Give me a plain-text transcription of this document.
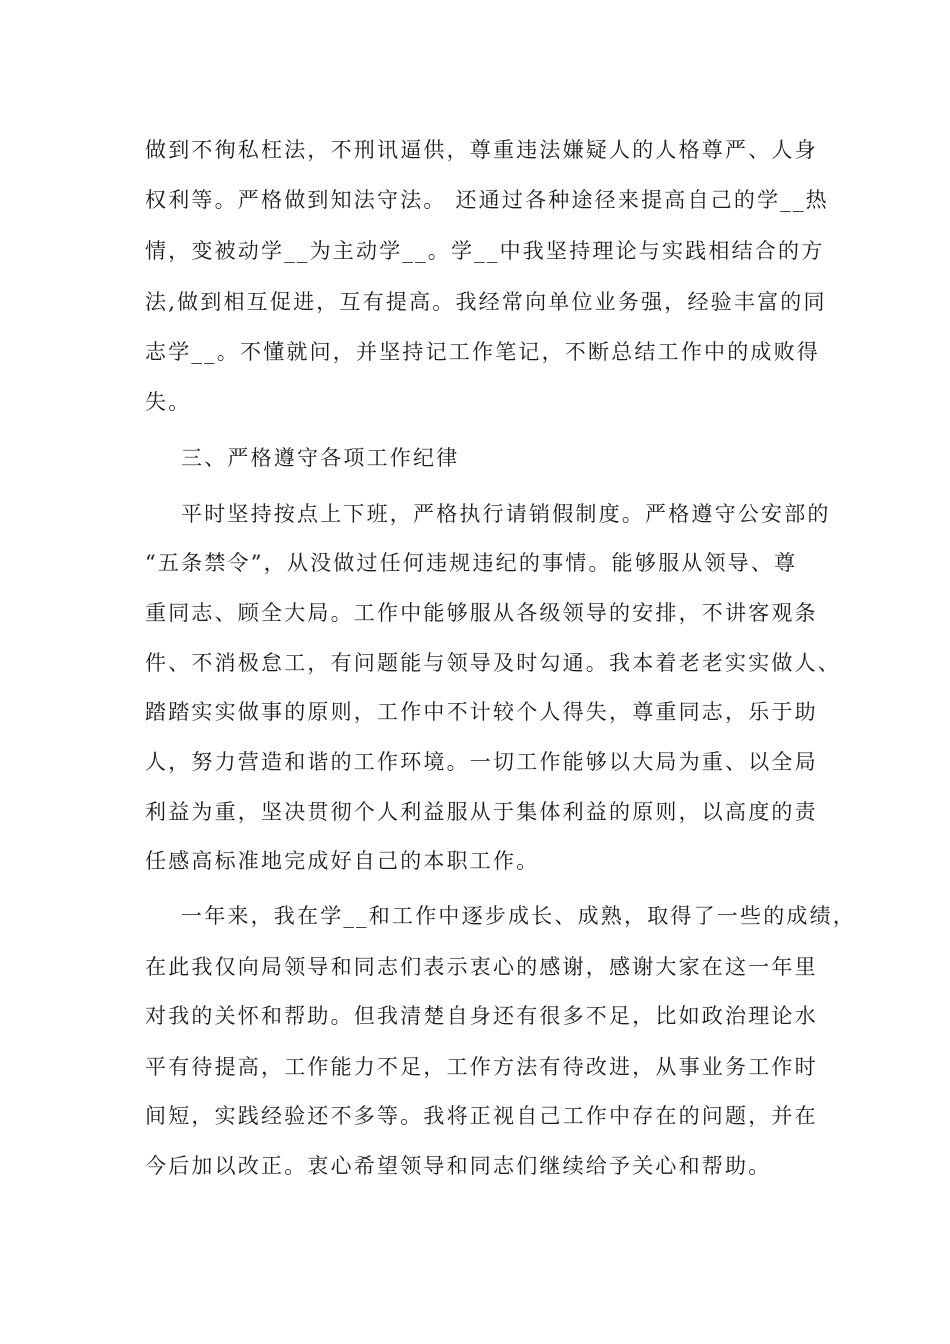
做到不徇私枉法，不刑讯逼供，尊重违法嫌疑人的人格尊严、人身
权利等。严格做到知法守法。 还通过各种途径来提高自己的学__热
情，变被动学__为主动学__。学__中我坚持理论与实践相结合的方
法,做到相互促进，互有提高。我经常向单位业务强，经验丰富的同
志学__。不懂就问，并坚持记工作笔记，不断总结工作中的成败得
失。
三、严格遵守各项工作纪律
平时坚持按点上下班，严格执行请销假制度。严格遵守公安部的
“五条禁令”，从没做过任何违规违纪的事情。能够服从领导、尊
重同志、顾全大局。工作中能够服从各级领导的安排，不讲客观条
件、不消极怠工，有问题能与领导及时勾通。我本着老老实实做人、
踏踏实实做事的原则，工作中不计较个人得失，尊重同志，乐于助
人，努力营造和谐的工作环境。一切工作能够以大局为重、以全局
利益为重，坚决贯彻个人利益服从于集体利益的原则，以高度的责
任感高标准地完成好自己的本职工作。
一年来，我在学__和工作中逐步成长、成熟，取得了一些的成绩，
在此我仅向局领导和同志们表示衷心的感谢，感谢大家在这一年里
对我的关怀和帮助。但我清楚自身还有很多不足，比如政治理论水
平有待提高，工作能力不足，工作方法有待改进，从事业务工作时
间短，实践经验还不多等。我将正视自己工作中存在的问题，并在
今后加以改正。衷心希望领导和同志们继续给予关心和帮助。
